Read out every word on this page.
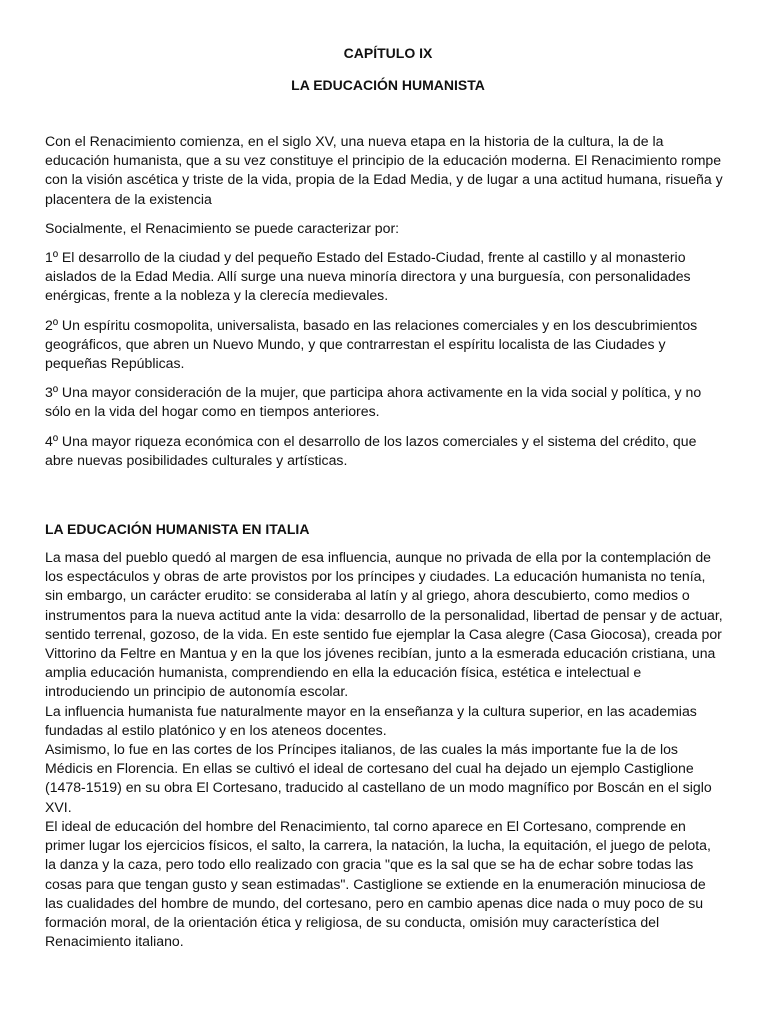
CAPÍTULO IX
LA EDUCACIÓN HUMANISTA

Con el Renacimiento comienza, en el siglo XV, una nueva etapa en la historia de la cultura, la de la educación humanista, que a su vez constituye el principio de la educación moderna. El Renacimiento rompe con la visión ascética y triste de la vida, propia de la Edad Media, y de lugar a una actitud humana, risueña y placentera de la existencia

Socialmente, el Renacimiento se puede caracterizar por:

1º El desarrollo de la ciudad y del pequeño Estado del Estado-Ciudad, frente al castillo y al monasterio aislados de la Edad Media. Allí surge una nueva minoría directora y una burguesía, con personalidades enérgicas, frente a la nobleza y la clerecía medievales.

2º Un espíritu cosmopolita, universalista, basado en las relaciones comerciales y en los descubrimientos geográficos, que abren un Nuevo Mundo, y que contrarrestan el espíritu localista de las Ciudades y pequeñas Repúblicas.

3º Una mayor consideración de la mujer, que participa ahora activamente en la vida social y política, y no sólo en la vida del hogar como en tiempos anteriores.

4º Una mayor riqueza económica con el desarrollo de los lazos comerciales y el sistema del crédito, que abre nuevas posibilidades culturales y artísticas.

LA EDUCACIÓN HUMANISTA EN ITALIA

La masa del pueblo quedó al margen de esa influencia, aunque no privada de ella por la contemplación de los espectáculos y obras de arte provistos por los príncipes y ciudades. La educación humanista no tenía, sin embargo, un carácter erudito: se consideraba al latín y al griego, ahora descubierto, como medios o instrumentos para la nueva actitud ante la vida: desarrollo de la personalidad, libertad de pensar y de actuar, sentido terrenal, gozoso, de la vida. En este sentido fue ejemplar la Casa alegre (Casa Giocosa), creada por Vittorino da Feltre en Mantua y en la que los jóvenes recibían, junto a la esmerada educación cristiana, una amplia educación humanista, comprendiendo en ella la educación física, estética e intelectual e introduciendo un principio de autonomía escolar.

La influencia humanista fue naturalmente mayor en la enseñanza y la cultura superior, en las academias fundadas al estilo platónico y en los ateneos docentes.

Asimismo, lo fue en las cortes de los Príncipes italianos, de las cuales la más importante fue la de los Médicis en Florencia. En ellas se cultivó el ideal de cortesano del cual ha dejado un ejemplo Castiglione (1478-1519) en su obra El Cortesano, traducido al castellano de un modo magnífico por Boscán en el siglo XVI.

El ideal de educación del hombre del Renacimiento, tal corno aparece en El Cortesano, comprende en primer lugar los ejercicios físicos, el salto, la carrera, la natación, la lucha, la equitación, el juego de pelota, la danza y la caza, pero todo ello realizado con gracia "que es la sal que se ha de echar sobre todas las cosas para que tengan gusto y sean estimadas". Castiglione se extiende en la enumeración minuciosa de las cualidades del hombre de mundo, del cortesano, pero en cambio apenas dice nada o muy poco de su formación moral, de la orientación ética y religiosa, de su conducta, omisión muy característica del Renacimiento italiano.
